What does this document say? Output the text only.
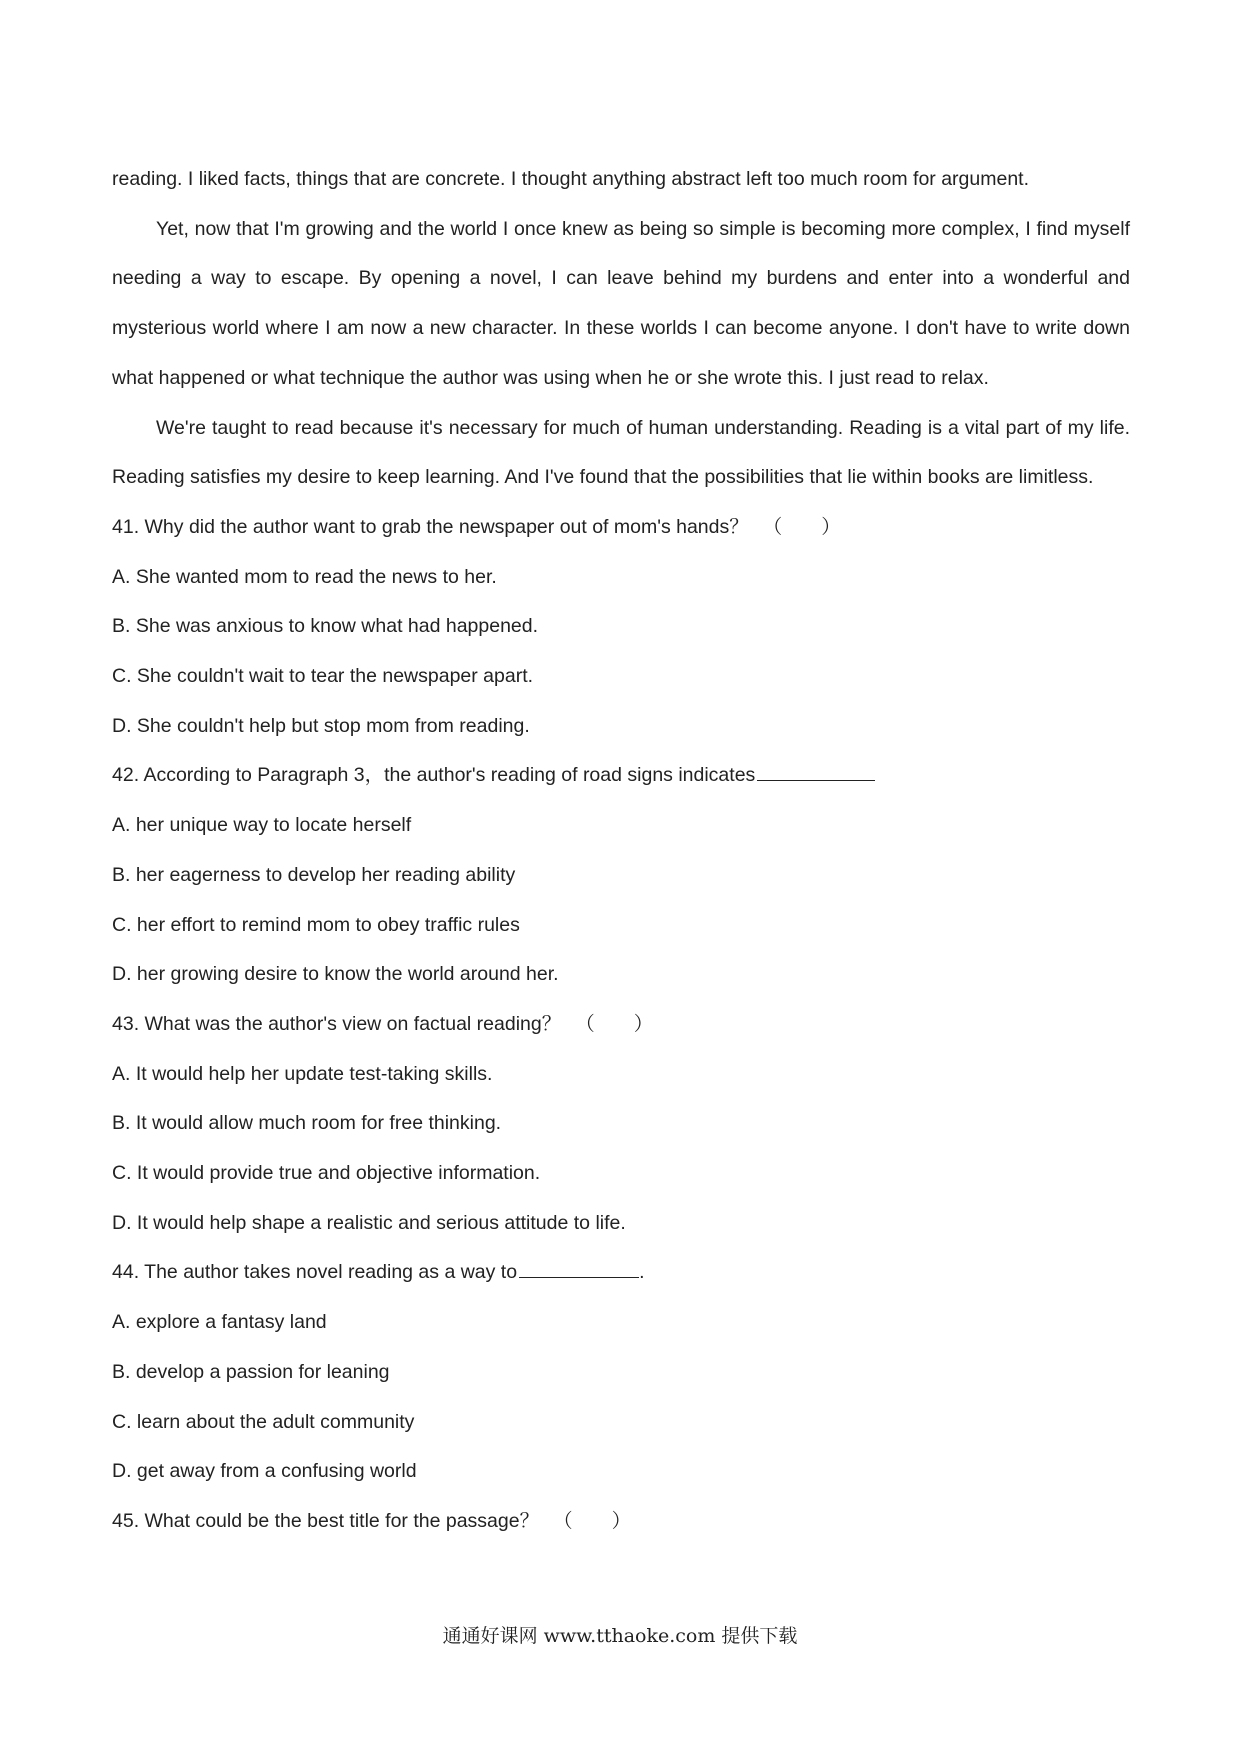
reading. I liked facts, things that are concrete. I thought anything abstract left too much room for argument.

Yet, now that I'm growing and the world I once knew as being so simple is becoming more complex, I find myself needing a way to escape. By opening a novel, I can leave behind my burdens and enter into a wonderful and mysterious world where I am now a new character. In these worlds I can become anyone. I don't have to write down what happened or what technique the author was using when he or she wrote this. I just read to relax.

We're taught to read because it's necessary for much of human understanding. Reading is a vital part of my life. Reading satisfies my desire to keep learning. And I've found that the possibilities that lie within books are limitless.

41. Why did the author want to grab the newspaper out of mom's hands？ （　　）

A. She wanted mom to read the news to her.

B. She was anxious to know what had happened.

C. She couldn't wait to tear the newspaper apart.

D. She couldn't help but stop mom from reading.

42. According to Paragraph 3，the author's reading of road signs indicates

A. her unique way to locate herself

B. her eagerness to develop her reading ability

C. her effort to remind mom to obey traffic rules

D. her growing desire to know the world around her.

43. What was the author's view on factual reading？ （　　）

A. It would help her update test-taking skills.

B. It would allow much room for free thinking.

C. It would provide true and objective information.

D. It would help shape a realistic and serious attitude to life.

44. The author takes novel reading as a way to	.

A. explore a fantasy land

B. develop a passion for leaning

C. learn about the adult community

D. get away from a confusing world

45. What could be the best title for the passage？ （　　）

通通好课网 www.tthaoke.com 提供下载
